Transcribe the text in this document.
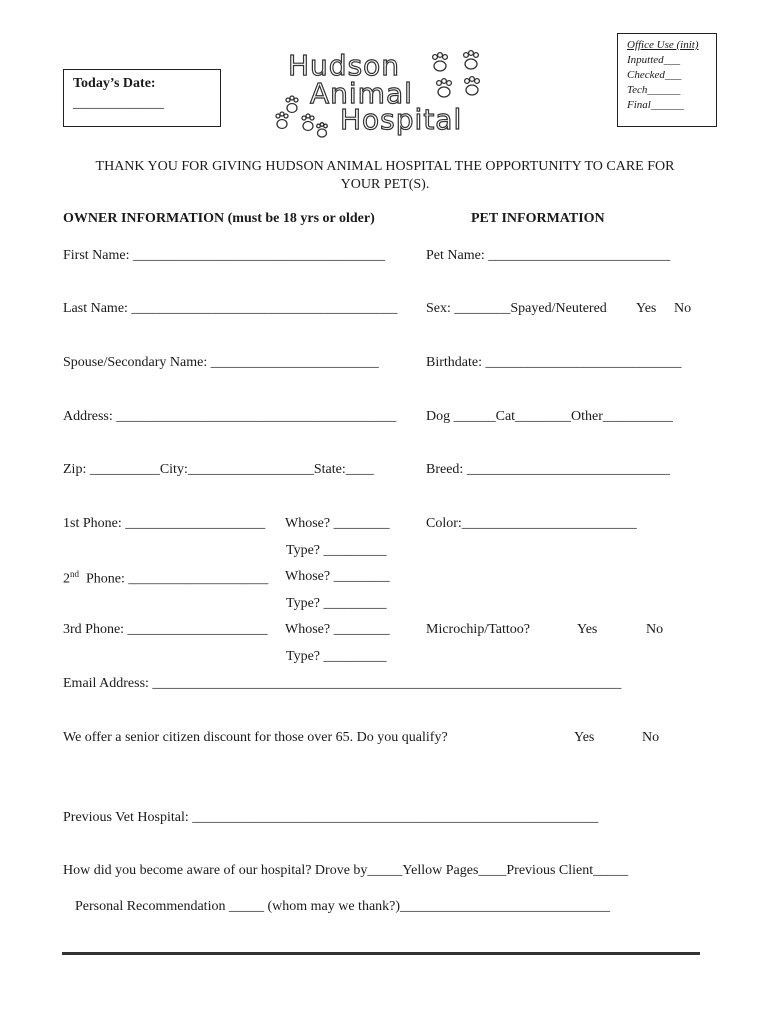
Today’s Date:
_____________
Hudson
Animal
Hospital
Office Use (init)
Inputted___
Checked___
Tech______
Final______
THANK YOU FOR GIVING HUDSON ANIMAL HOSPITAL THE OPPORTUNITY TO CARE FOR
YOUR PET(S).
OWNER INFORMATION (must be 18 yrs or older)	PET INFORMATION
First Name: ____________________________________
Last Name: ______________________________________
Spouse/Secondary Name: ________________________
Address: ________________________________________
Zip: __________City:__________________State:____
1st Phone: ____________________ Whose? ________
Type? _________
2nd Phone: ____________________ Whose? ________
Type? _________
3rd Phone: ____________________ Whose? ________
Type? _________
Pet Name: __________________________
Sex: ________Spayed/Neutered Yes No
Birthdate: ____________________________
Dog ______Cat________Other__________
Breed: _____________________________
Color:_________________________
Microchip/Tattoo?	Yes	No
Email Address: ___________________________________________________________________
We offer a senior citizen discount for those over 65. Do you qualify?	Yes	No
Previous Vet Hospital: __________________________________________________________
How did you become aware of our hospital? Drove by_____Yellow Pages____Previous Client_____
Personal Recommendation _____ (whom may we thank?)______________________________
